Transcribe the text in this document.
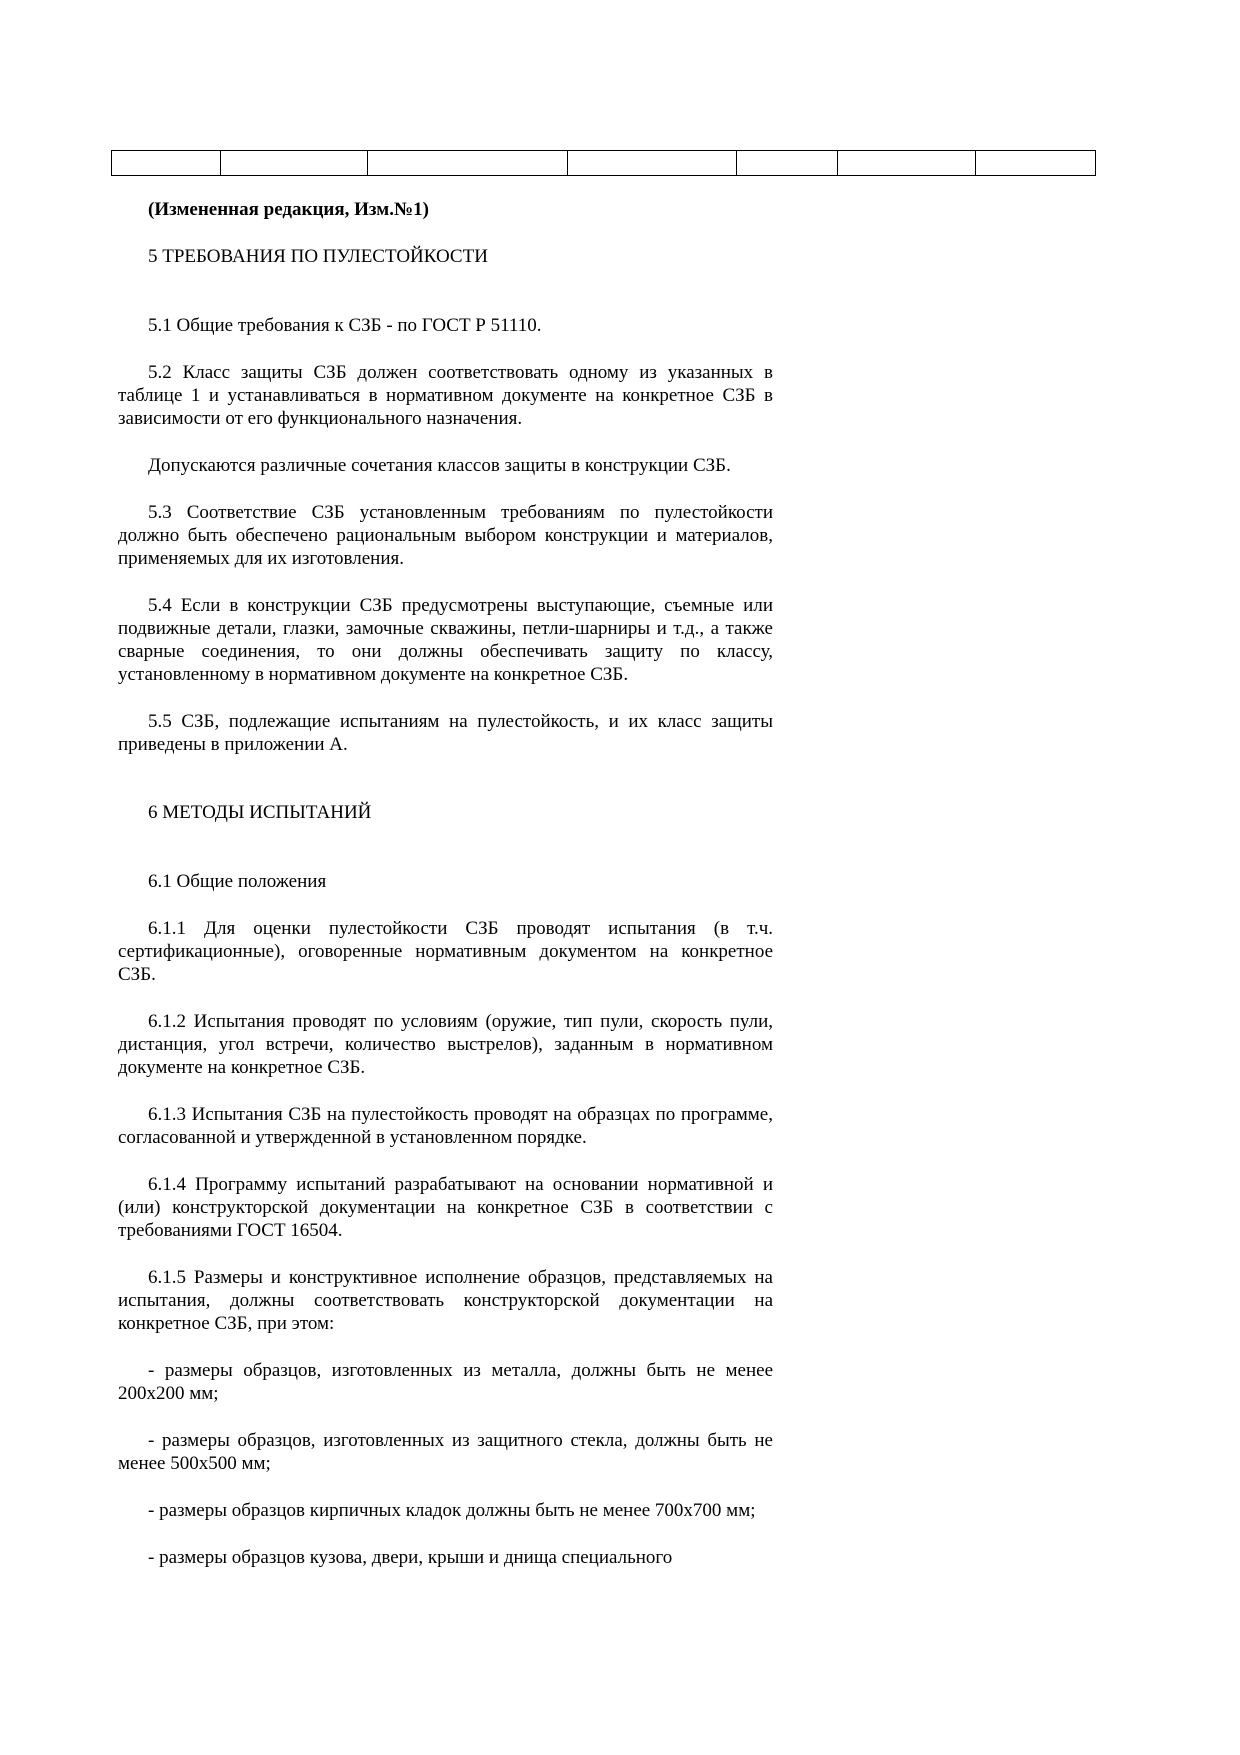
(Измененная редакция, Изм.№1)

5 ТРЕБОВАНИЯ ПО ПУЛЕСТОЙКОСТИ

5.1 Общие требования к СЗБ - по ГОСТ Р 51110.

5.2 Класс защиты СЗБ должен соответствовать одному из указанных в таблице 1 и устанавливаться в нормативном документе на конкретное СЗБ в зависимости от его функционального назначения.

Допускаются различные сочетания классов защиты в конструкции СЗБ.

5.3 Соответствие СЗБ установленным требованиям по пулестойкости должно быть обеспечено рациональным выбором конструкции и материалов, применяемых для их изготовления.

5.4 Если в конструкции СЗБ предусмотрены выступающие, съемные или подвижные детали, глазки, замочные скважины, петли-шарниры и т.д., а также сварные соединения, то они должны обеспечивать защиту по классу, установленному в нормативном документе на конкретное СЗБ.

5.5 СЗБ, подлежащие испытаниям на пулестойкость, и их класс защиты приведены в приложении А.

6 МЕТОДЫ ИСПЫТАНИЙ

6.1 Общие положения

6.1.1 Для оценки пулестойкости СЗБ проводят испытания (в т.ч. сертификационные), оговоренные нормативным документом на конкретное СЗБ.

6.1.2 Испытания проводят по условиям (оружие, тип пули, скорость пули, дистанция, угол встречи, количество выстрелов), заданным в нормативном документе на конкретное СЗБ.

6.1.3 Испытания СЗБ на пулестойкость проводят на образцах по программе, согласованной и утвержденной в установленном порядке.

6.1.4 Программу испытаний разрабатывают на основании нормативной и (или) конструкторской документации на конкретное СЗБ в соответствии с требованиями ГОСТ 16504.

6.1.5 Размеры и конструктивное исполнение образцов, представляемых на испытания, должны соответствовать конструкторской документации на конкретное СЗБ, при этом:

- размеры образцов, изготовленных из металла, должны быть не менее 200х200 мм;

- размеры образцов, изготовленных из защитного стекла, должны быть не менее 500х500 мм;

- размеры образцов кирпичных кладок должны быть не менее 700х700 мм;

- размеры образцов кузова, двери, крыши и днища специального
